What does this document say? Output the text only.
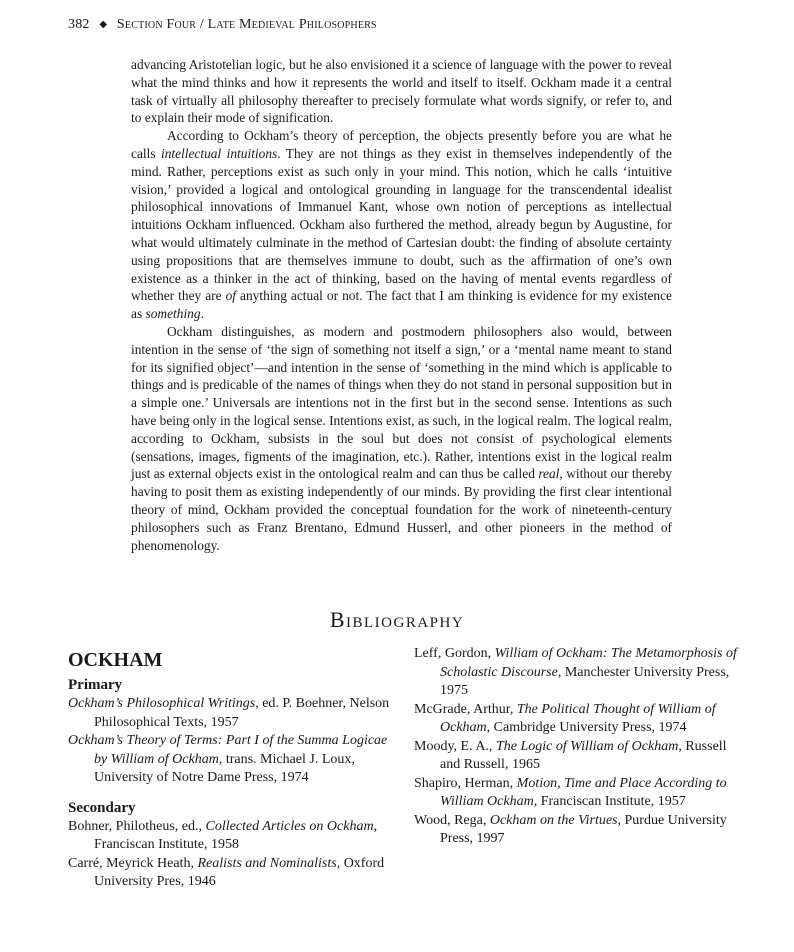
382 ◆ Section Four / Late Medieval Philosophers

advancing Aristotelian logic, but he also envisioned it a science of language with the power to reveal what the mind thinks and how it represents the world and itself to itself. Ockham made it a central task of virtually all philosophy thereafter to precisely formulate what words signify, or refer to, and to explain their mode of signification.

According to Ockham’s theory of perception, the objects presently before you are what he calls intellectual intuitions. They are not things as they exist in themselves independently of the mind. Rather, perceptions exist as such only in your mind. This notion, which he calls ‘intuitive vision,’ provided a logical and ontological grounding in language for the transcendental idealist philosophical innovations of Immanuel Kant, whose own notion of perceptions as intellectual intuitions Ockham influenced. Ockham also furthered the method, already begun by Augustine, for what would ultimately culminate in the method of Cartesian doubt: the finding of absolute certainty using propositions that are themselves immune to doubt, such as the affirmation of one’s own existence as a thinker in the act of thinking, based on the having of mental events regardless of whether they are of anything actual or not. The fact that I am thinking is evidence for my existence as something.

Ockham distinguishes, as modern and postmodern philosophers also would, between intention in the sense of ‘the sign of something not itself a sign,’ or a ‘mental name meant to stand for its signified object’—and intention in the sense of ‘something in the mind which is applicable to things and is predicable of the names of things when they do not stand in personal supposition but in a simple one.’ Universals are intentions not in the first but in the second sense. Intentions as such have being only in the logical sense. Intentions exist, as such, in the logical realm. The logical realm, according to Ockham, subsists in the soul but does not consist of psychological elements (sensations, images, figments of the imagination, etc.). Rather, intentions exist in the logical realm just as external objects exist in the ontological realm and can thus be called real, without our thereby having to posit them as existing independently of our minds. By providing the first clear intentional theory of mind, Ockham provided the conceptual foundation for the work of nineteenth-century philosophers such as Franz Brentano, Edmund Husserl, and other pioneers in the method of phenomenology.

Bibliography
OCKHAM
Primary
Ockham’s Philosophical Writings, ed. P. Boehner, Nelson Philosophical Texts, 1957
Ockham’s Theory of Terms: Part I of the Summa Logicae by William of Ockham, trans. Michael J. Loux, University of Notre Dame Press, 1974
Secondary
Bohner, Philotheus, ed., Collected Articles on Ockham, Franciscan Institute, 1958
Carré, Meyrick Heath, Realists and Nominalists, Oxford University Pres, 1946
Leff, Gordon, William of Ockham: The Metamorphosis of Scholastic Discourse, Manchester University Press, 1975
McGrade, Arthur, The Political Thought of William of Ockham, Cambridge University Press, 1974
Moody, E. A., The Logic of William of Ockham, Russell and Russell, 1965
Shapiro, Herman, Motion, Time and Place According to William Ockham, Franciscan Institute, 1957
Wood, Rega, Ockham on the Virtues, Purdue University Press, 1997
